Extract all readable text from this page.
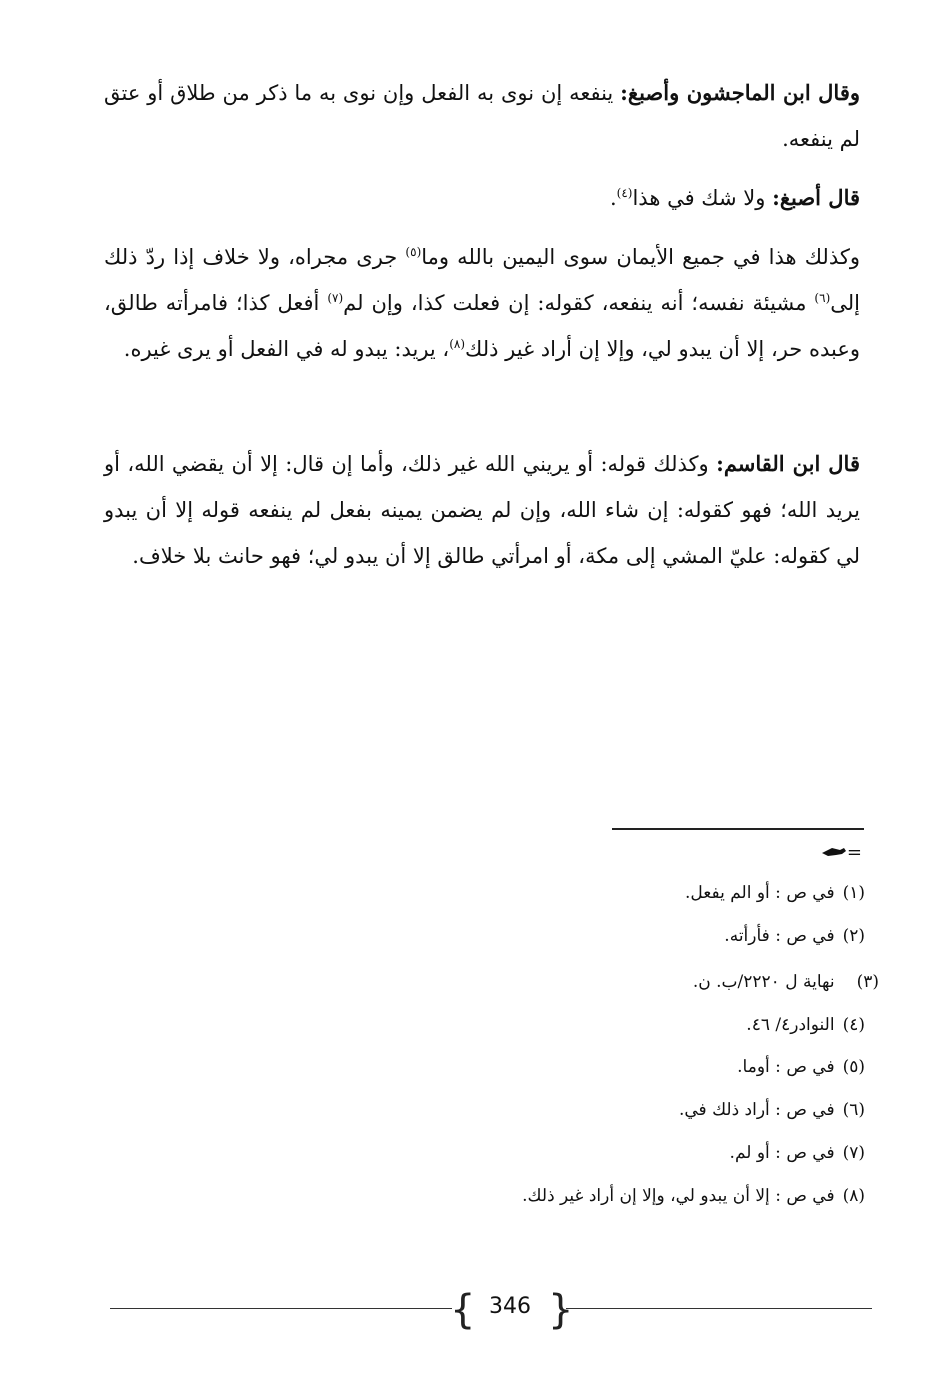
وقال ابن الماجشون وأصبغ: ينفعه إن نوى به الفعل وإن نوى به ما ذكر من طلاق أو عتق لم ينفعه.

قال أصبغ: ولا شك في هذا$^{(٤)}$.

وكذلك هذا في جميع الأيمان سوى اليمين بالله وما$^{(٥)}$ جرى مجراه، ولا خلاف إذا ردّ ذلك إلى$^{(٦)}$ مشيئة نفسه؛ أنه ينفعه، كقوله: إن فعلت كذا، وإن لم$^{(٧)}$ أفعل كذا؛ فامرأته طالق، وعبده حر، إلا أن يبدو لي، وإلا إن أراد غير ذلك$^{(٨)}$، يريد: يبدو له في الفعل أو يرى غيره.

قال ابن القاسم: وكذلك قوله: أو يريني الله غير ذلك، وأما إن قال: إلا أن يقضي الله، أو يريد الله؛ فهو كقوله: إن شاء الله، وإن لم يضمن يمينه بفعل لم ينفعه قوله إلا أن يبدو لي كقوله: عليّ المشي إلى مكة، أو امرأتي طالق إلا أن يبدو لي؛ فهو حانث بلا خلاف.

=
(١)في ص : أو الم يفعل.
(٢)في ص : فأرأته.
(٣)نهاية ل ٢٢٢٠/ب. ن.
(٤)النوادر٤/ ٤٦.
(٥)في ص : أوما.
(٦)في ص : أراد ذلك في.
(٧)في ص : أو لم.
(٨)في ص : إلا أن يبدو لي، وإلا إن أراد غير ذلك.
{ }
346
